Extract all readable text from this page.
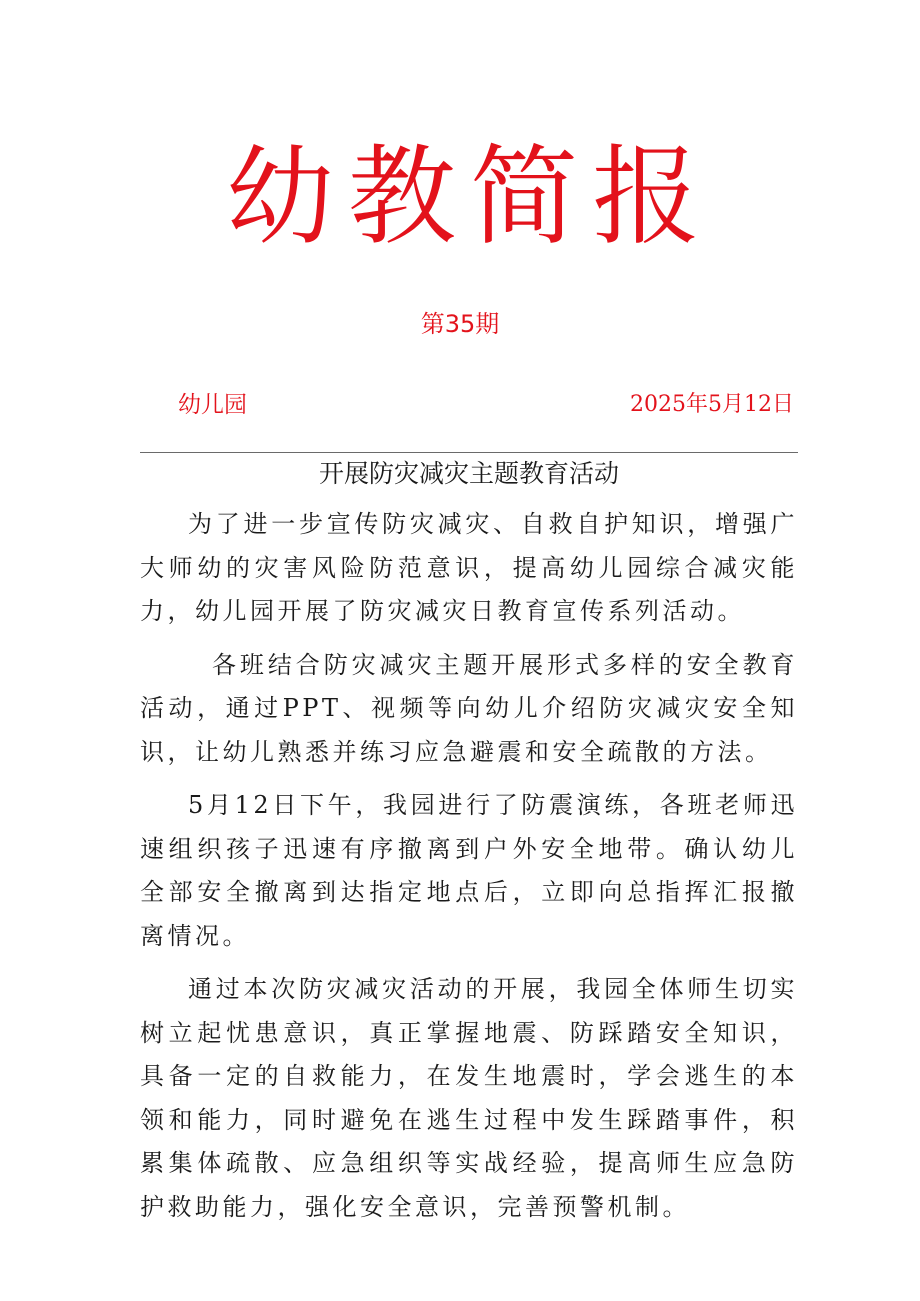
幼教简报
第35期
幼儿园	2025年5月12日
开展防灾减灾主题教育活动

为了进一步宣传防灾减灾、自救自护知识，增强广大师幼的灾害风险防范意识，提高幼儿园综合减灾能力，幼儿园开展了防灾减灾日教育宣传系列活动。

各班结合防灾减灾主题开展形式多样的安全教育活动，通过PPT、视频等向幼儿介绍防灾减灾安全知识，让幼儿熟悉并练习应急避震和安全疏散的方法。

5月12日下午，我园进行了防震演练，各班老师迅速组织孩子迅速有序撤离到户外安全地带。确认幼儿全部安全撤离到达指定地点后，立即向总指挥汇报撤离情况。

通过本次防灾减灾活动的开展，我园全体师生切实树立起忧患意识，真正掌握地震、防踩踏安全知识，具备一定的自救能力，在发生地震时，学会逃生的本领和能力，同时避免在逃生过程中发生踩踏事件，积累集体疏散、应急组织等实战经验，提高师生应急防护救助能力，强化安全意识，完善预警机制。
